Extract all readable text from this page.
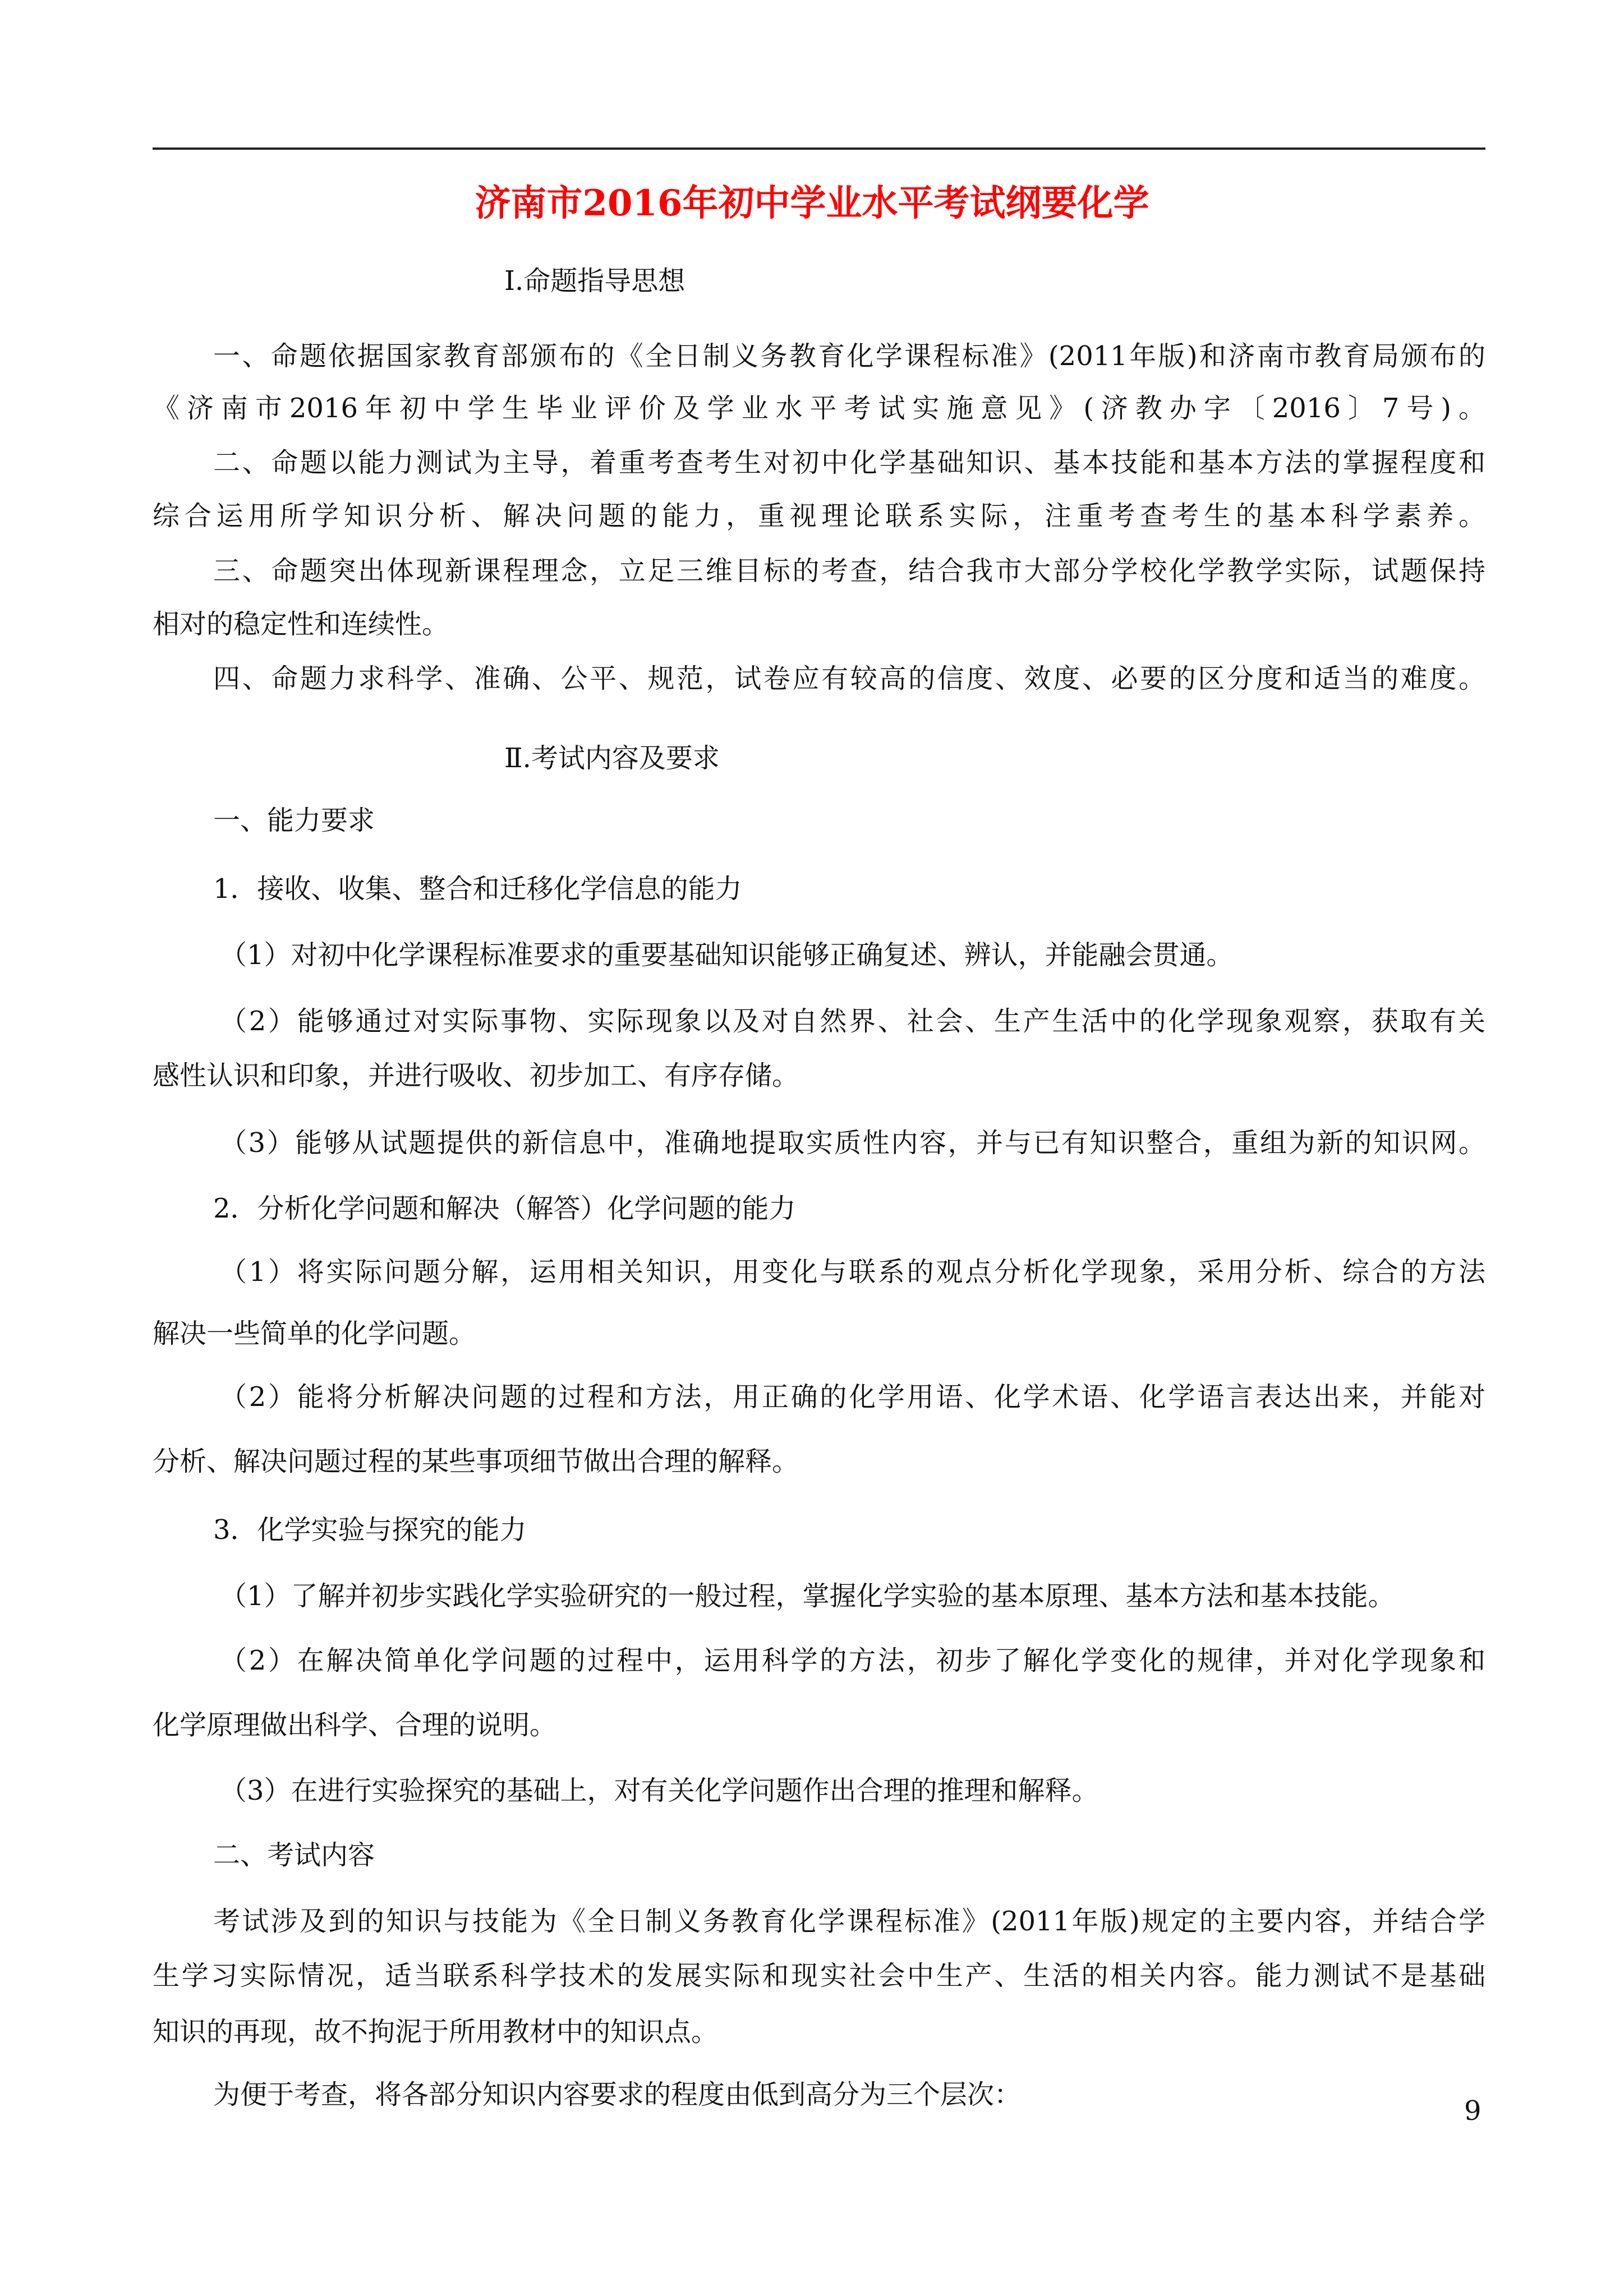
济南市2016年初中学业水平考试纲要化学
Ⅰ.命题指导思想
一、命题依据国家教育部颁布的《全日制义务教育化学课程标准》(2011年版)和济南市教育局颁布的
《济南市2016年初中学生毕业评价及学业水平考试实施意见》(济教办字〔2016〕7号)。
二、命题以能力测试为主导，着重考查考生对初中化学基础知识、基本技能和基本方法的掌握程度和
综合运用所学知识分析、解决问题的能力，重视理论联系实际，注重考查考生的基本科学素养。
三、命题突出体现新课程理念，立足三维目标的考查，结合我市大部分学校化学教学实际，试题保持
相对的稳定性和连续性。
四、命题力求科学、准确、公平、规范，试卷应有较高的信度、效度、必要的区分度和适当的难度。
Ⅱ.考试内容及要求
一、能力要求
1．接收、收集、整合和迁移化学信息的能力
（1）对初中化学课程标准要求的重要基础知识能够正确复述、辨认，并能融会贯通。
（2）能够通过对实际事物、实际现象以及对自然界、社会、生产生活中的化学现象观察，获取有关
感性认识和印象，并进行吸收、初步加工、有序存储。
（3）能够从试题提供的新信息中，准确地提取实质性内容，并与已有知识整合，重组为新的知识网。
2．分析化学问题和解决（解答）化学问题的能力
（1）将实际问题分解，运用相关知识，用变化与联系的观点分析化学现象，采用分析、综合的方法
解决一些简单的化学问题。
（2）能将分析解决问题的过程和方法，用正确的化学用语、化学术语、化学语言表达出来，并能对
分析、解决问题过程的某些事项细节做出合理的解释。
3．化学实验与探究的能力
（1）了解并初步实践化学实验研究的一般过程，掌握化学实验的基本原理、基本方法和基本技能。
（2）在解决简单化学问题的过程中，运用科学的方法，初步了解化学变化的规律，并对化学现象和
化学原理做出科学、合理的说明。
（3）在进行实验探究的基础上，对有关化学问题作出合理的推理和解释。
二、考试内容
考试涉及到的知识与技能为《全日制义务教育化学课程标准》(2011年版)规定的主要内容，并结合学
生学习实际情况，适当联系科学技术的发展实际和现实社会中生产、生活的相关内容。能力测试不是基础
知识的再现，故不拘泥于所用教材中的知识点。
为便于考查，将各部分知识内容要求的程度由低到高分为三个层次：
9
